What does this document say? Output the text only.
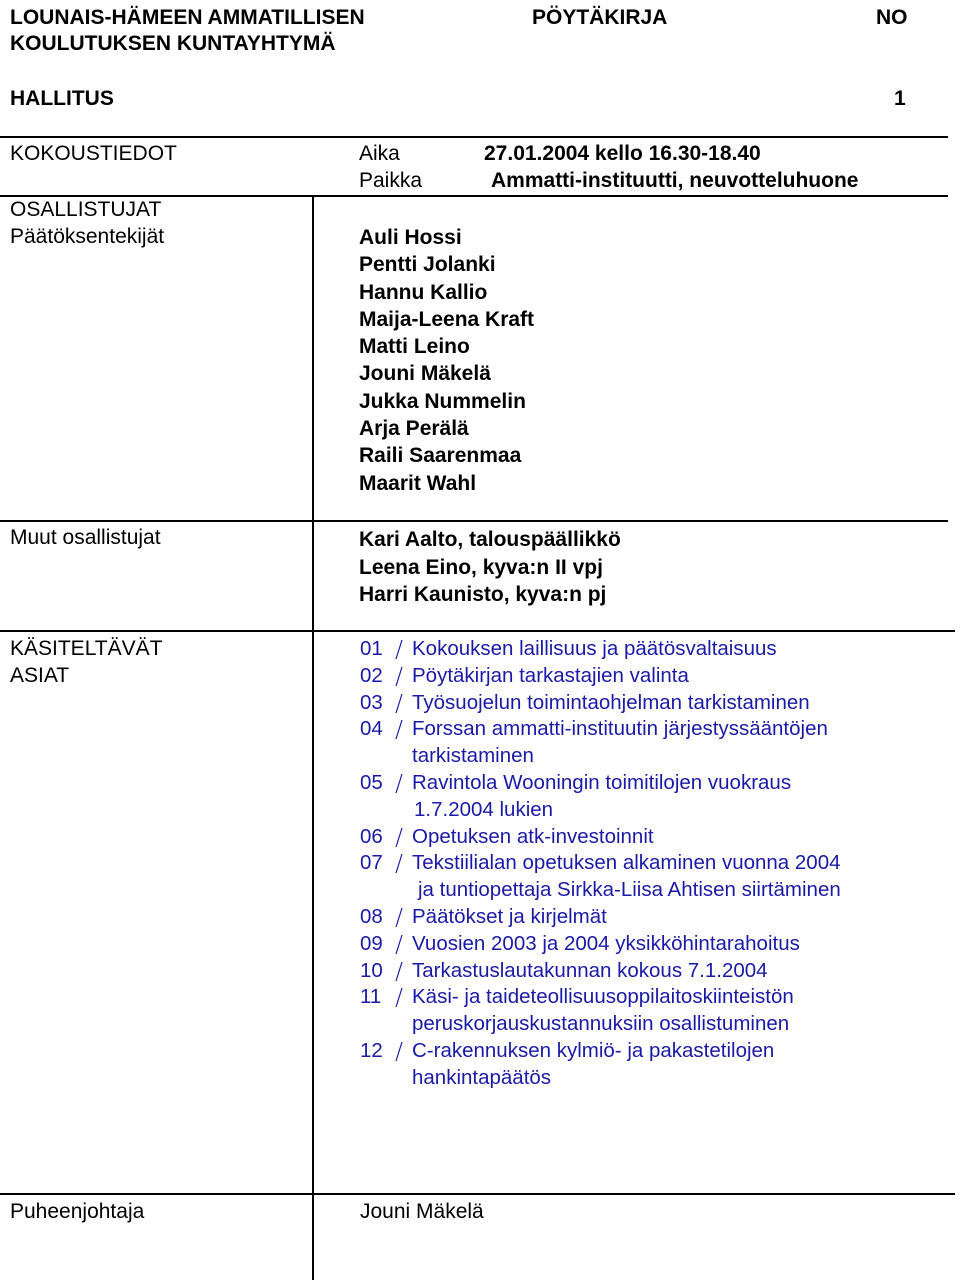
LOUNAIS-HÄMEEN AMMATILLISEN
KOULUTUKSEN KUNTAYHTYMÄ
PÖYTÄKIRJA	NO
HALLITUS	1
KOKOUSTIEDOT	Aika	27.01.2004 kello 16.30-18.40
Paikka	Ammatti-instituutti, neuvotteluhuone
OSALLISTUJAT
Päätöksentekijät	Auli Hossi
Pentti Jolanki
Hannu Kallio
Maija-Leena Kraft
Matti Leino
Jouni Mäkelä
Jukka Nummelin
Arja Perälä
Raili Saarenmaa
Maarit Wahl
Muut osallistujat	Kari Aalto, talouspäällikkö
Leena Eino, kyva:n II vpj
Harri Kaunisto, kyva:n pj
KÄSITELTÄVÄT
ASIAT
01 Kokouksen laillisuus ja päätösvaltaisuus
02 Pöytäkirjan tarkastajien valinta
03 Työsuojelun toimintaohjelman tarkistaminen
04 Forssan ammatti-instituutin järjestyssääntöjen
tarkistaminen
05 Ravintola Wooningin toimitilojen vuokraus
1.7.2004 lukien
06 Opetuksen atk-investoinnit
07 Tekstiilialan opetuksen alkaminen vuonna 2004
ja tuntiopettaja Sirkka-Liisa Ahtisen siirtäminen
08 Päätökset ja kirjelmät
09 Vuosien 2003 ja 2004 yksikköhintarahoitus
10 Tarkastuslautakunnan kokous 7.1.2004
11 Käsi- ja taideteollisuusoppilaitoskiinteistön
peruskorjauskustannuksiin osallistuminen
12 C-rakennuksen kylmiö- ja pakastetilojen
hankintapäätös
Puheenjohtaja	Jouni Mäkelä
